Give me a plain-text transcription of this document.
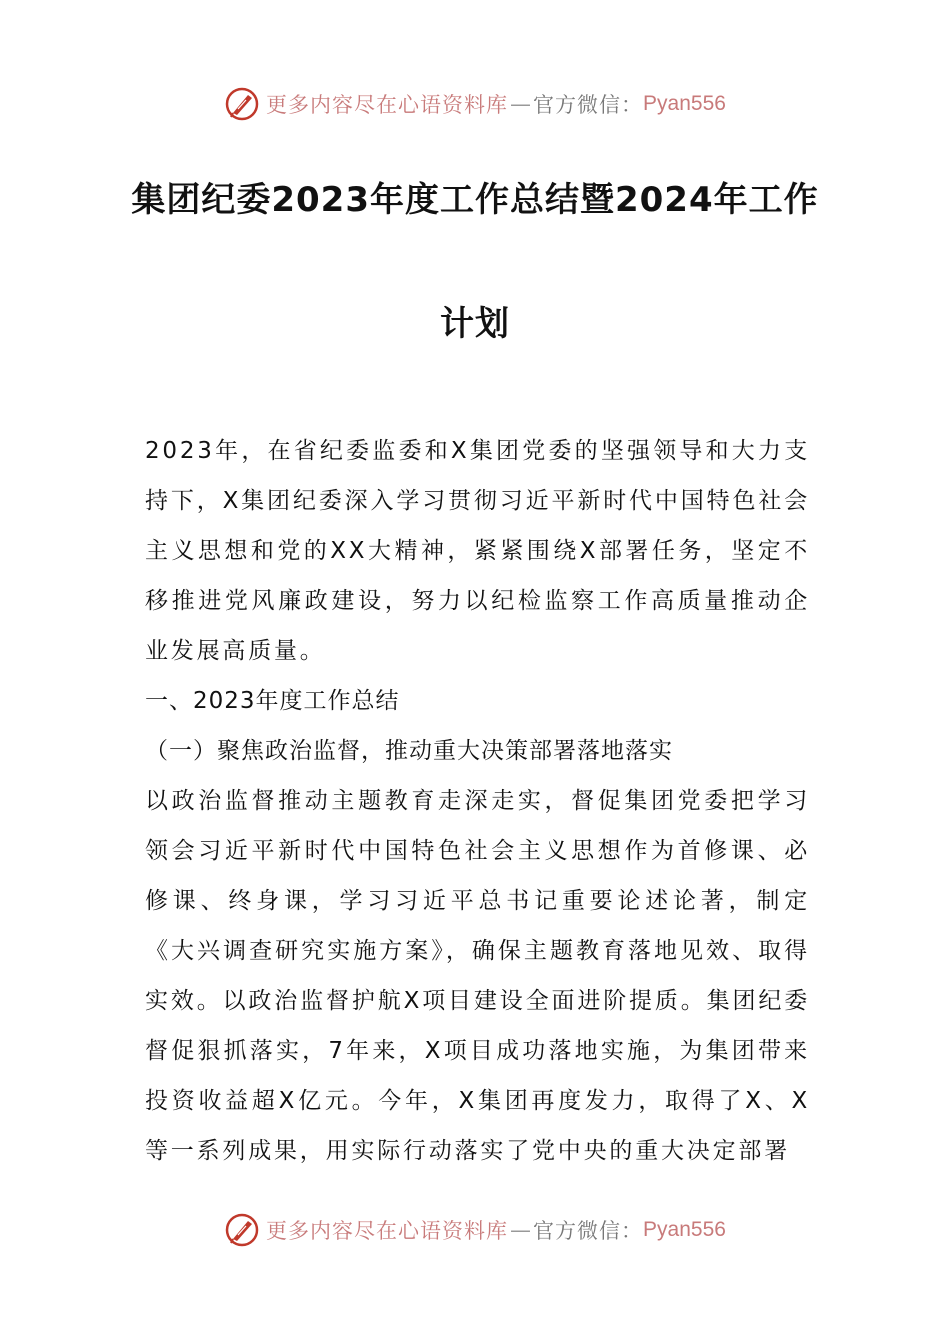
更多内容尽在心语资料库 — 官方微信： Pyan556
集团纪委2023年度工作总结暨2024年工作
计划

2023年，在省纪委监委和X集团党委的坚强领导和大力支持下，X集团纪委深入学习贯彻习近平新时代中国特色社会主义思想和党的XX大精神，紧紧围绕X部署任务，坚定不移推进党风廉政建设，努力以纪检监察工作高质量推动企业发展高质量。

一、2023年度工作总结

（一）聚焦政治监督，推动重大决策部署落地落实

以政治监督推动主题教育走深走实，督促集团党委把学习领会习近平新时代中国特色社会主义思想作为首修课、必修课、终身课，学习习近平总书记重要论述论著，制定《大兴调查研究实施方案》，确保主题教育落地见效、取得实效。以政治监督护航X项目建设全面进阶提质。集团纪委督促狠抓落实，7年来，X项目成功落地实施，为集团带来投资收益超X亿元。今年，X集团再度发力，取得了X、X等一系列成果，用实际行动落实了党中央的重大决定部署

更多内容尽在心语资料库 — 官方微信： Pyan556
